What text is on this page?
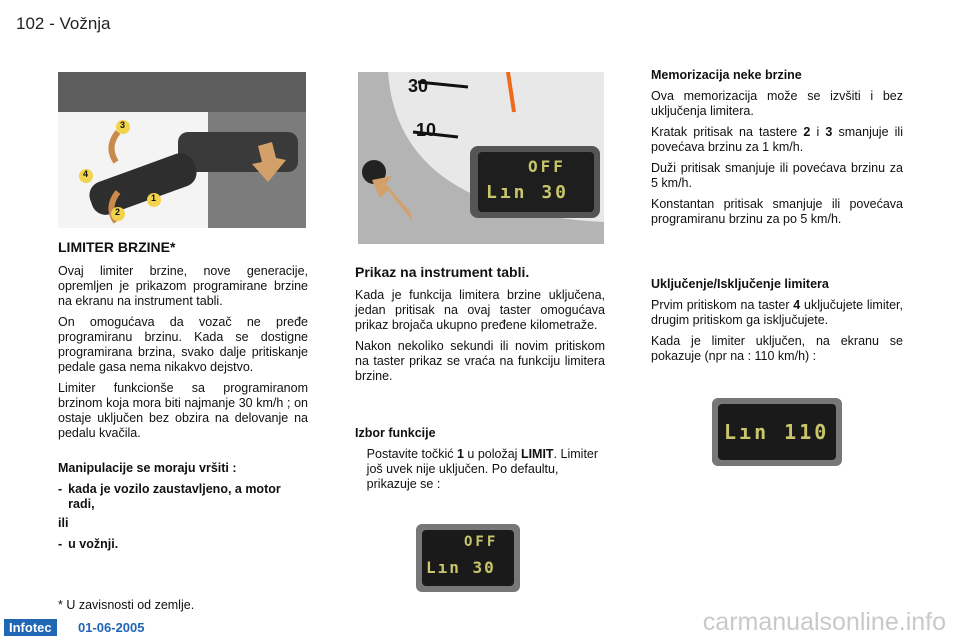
102 - Vožnja
3
4
1
2
30
10
OFF
Lın 30
LIMITER BRZINE*

Ovaj limiter brzine, nove generacije, opremljen je prikazom programirane brzine na ekranu na instrument tabli.

On omogućava da vozač ne pređe programiranu brzinu. Kada se dostigne programirana brzina, svako dalje pritiskanje pedale gasa nema nikakvo dejstvo.

Limiter funkcionše sa programiranom brzinom koja mora biti najmanje 30 km/h ; on ostaje uključen bez obzira na delovanje na pedalu kvačila.

Manipulacije se moraju vršiti :
- kada je vozilo zaustavljeno, a motor radi,
ili
- u vožnji.
* U zavisnosti od zemlje.
Prikaz na instrument tabli.

Kada je funkcija limitera brzine uključena, jedan pritisak na ovaj taster omogućava prikaz brojača ukupno pređene kilometraže.

Nakon nekoliko sekundi ili novim pritiskom na taster prikaz se vraća na funkciju limitera brzine.

Izbor funkcije
Postavite točkić 1 u položaj LIMIT. Limiter još uvek nije uključen. Po defaultu, prikazuje se :
OFF
Lın 30
Memorizacija neke brzine

Ova memorizacija može se izvšiti i bez uključenja limitera.

Kratak pritisak na tastere 2 i 3 smanjuje ili povećava brzinu za 1 km/h.

Duži pritisak smanjuje ili povećava brzinu za 5 km/h.

Konstantan pritisak smanjuje ili povećava programiranu brzinu za po 5 km/h.

Uključenje/Isključenje limitera

Prvim pritiskom na taster 4 uključujete limiter, drugim pritiskom ga isključujete.

Kada je limiter uključen, na ekranu se pokazuje (npr na : 110 km/h) :

Lın 110
Infotec	01-06-2005	carmanualsonline.info
